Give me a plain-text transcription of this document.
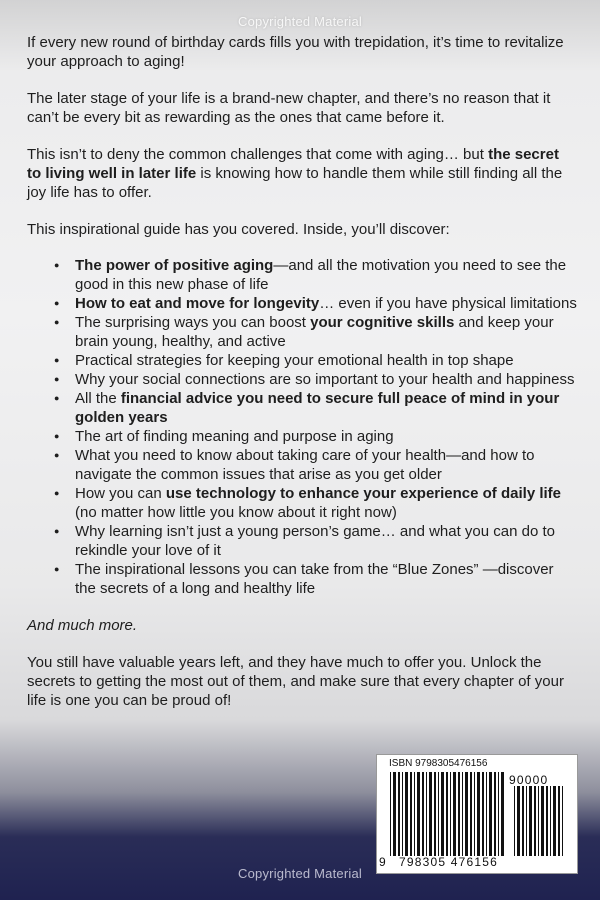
Copyrighted Material

If every new round of birthday cards fills you with trepidation, it’s time to revitalize your approach to aging!

The later stage of your life is a brand-new chapter, and there’s no reason that it can’t be every bit as rewarding as the ones that came before it.

This isn’t to deny the common challenges that come with aging… but the secret to living well in later life is knowing how to handle them while still finding all the joy life has to offer.

This inspirational guide has you covered. Inside, you’ll discover:

● The power of positive aging—and all the motivation you need to see the good in this new phase of life
● How to eat and move for longevity… even if you have physical limitations
● The surprising ways you can boost your cognitive skills and keep your brain young, healthy, and active
● Practical strategies for keeping your emotional health in top shape
● Why your social connections are so important to your health and happiness
● All the financial advice you need to secure full peace of mind in your golden years
● The art of finding meaning and purpose in aging
● What you need to know about taking care of your health—and how to navigate the common issues that arise as you get older
● How you can use technology to enhance your experience of daily life (no matter how little you know about it right now)
● Why learning isn’t just a young person’s game… and what you can do to rekindle your love of it
● The inspirational lessons you can take from the “Blue Zones” —discover the secrets of a long and healthy life

And much more.

You still have valuable years left, and they have much to offer you. Unlock the secrets to getting the most out of them, and make sure that every chapter of your life is one you can be proud of!

ISBN 9798305476156
90000
9 798305 476156
Copyrighted Material
